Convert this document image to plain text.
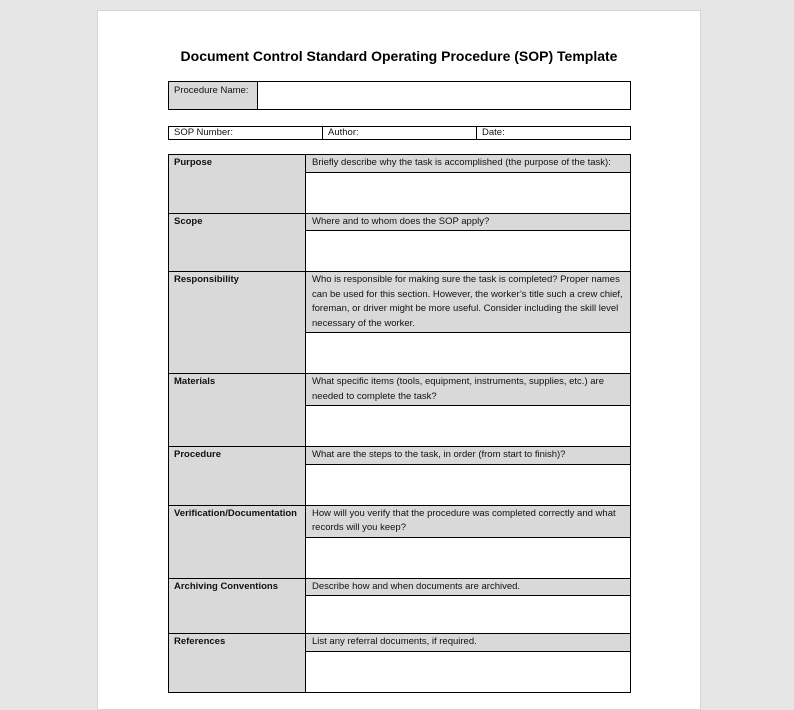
Document Control Standard Operating Procedure (SOP) Template
Procedure Name:
SOP Number:	Author:	Date:
Purpose	Briefly describe why the task is accomplished (the purpose of the task):

Scope	Where and to whom does the SOP apply?

Responsibility	Who is responsible for making sure the task is completed? Proper names can be used for this section. However, the worker’s title such a crew chief, foreman, or driver might be more useful. Consider including the skill level necessary of the worker.

Materials	What specific items (tools, equipment, instruments, supplies, etc.) are needed to complete the task?

Procedure	What are the steps to the task, in order (from start to finish)?

Verification/Documentation	How will you verify that the procedure was completed correctly and what records will you keep?

Archiving Conventions	Describe how and when documents are archived.

References	List any referral documents, if required.
